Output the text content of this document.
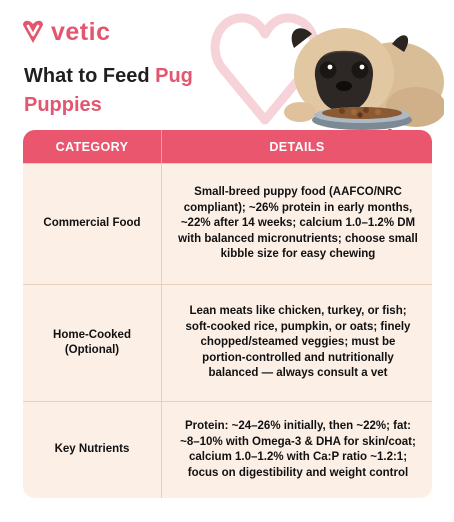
vetic
What to Feed Pug
Puppies
CATEGORY	DETAILS
Commercial Food
Small-breed puppy food (AAFCO/NRC compliant); ~26% protein in early months, ~22% after 14 weeks; calcium 1.0–1.2% DM with balanced micronutrients; choose small kibble size for easy chewing
Home-Cooked (Optional)
Lean meats like chicken, turkey, or fish; soft-cooked rice, pumpkin, or oats; finely chopped/steamed veggies; must be portion-controlled and nutritionally balanced — always consult a vet
Key Nutrients
Protein: ~24–26% initially, then ~22%; fat: ~8–10% with Omega-3 & DHA for skin/coat; calcium 1.0–1.2% with Ca:P ratio ~1.2:1; focus on digestibility and weight control
